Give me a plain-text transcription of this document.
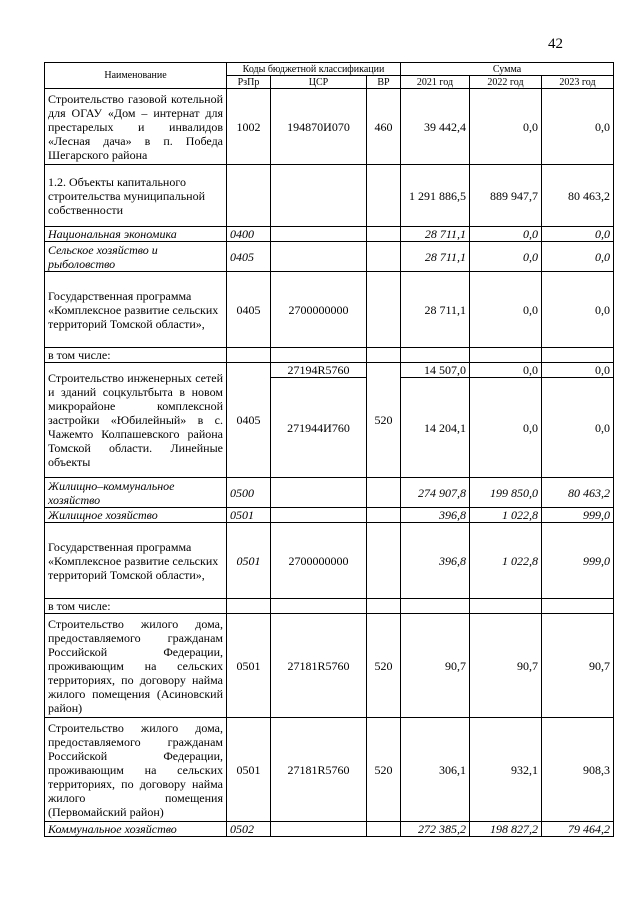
42
Наименование	Коды бюджетной классификации			Сумма		
	РзПр	ЦСР	ВР	2021 год	2022 год	2023 год
Строительство газовой котельной для ОГАУ «Дом – интернат для престарелых и инвалидов «Лесная дача» в п. Победа Шегарского района	1002	194870И070	460	39 442,4	0,0	0,0
1.2. Объекты капитального строительства муниципальной собственности				1 291 886,5	889 947,7	80 463,2
Национальная экономика	0400			28 711,1	0,0	0,0
Сельское хозяйство и рыболовство	0405			28 711,1	0,0	0,0
Государственная программа «Комплексное развитие сельских территорий Томской области»,	0405	2700000000		28 711,1	0,0	0,0
в том числе:						
Строительство инженерных сетей и зданий соцкультбыта в новом микрорайоне комплексной застройки «Юбилейный» в с. Чажемто Колпашевского района Томской области. Линейные объекты	0405	27194R5760	520	14 507,0	0,0	0,0
		271944И760		14 204,1	0,0	0,0
Жилищно–коммунальное хозяйство	0500			274 907,8	199 850,0	80 463,2
Жилищное хозяйство	0501			396,8	1 022,8	999,0
Государственная программа «Комплексное развитие сельских территорий Томской области»,	0501	2700000000		396,8	1 022,8	999,0
в том числе:						
Строительство жилого дома, предоставляемого гражданам Российской Федерации, проживающим на сельских территориях, по договору найма жилого помещения (Асиновский район)	0501	27181R5760	520	90,7	90,7	90,7
Строительство жилого дома, предоставляемого гражданам Российской Федерации, проживающим на сельских территориях, по договору найма жилого помещения (Первомайский район)	0501	27181R5760	520	306,1	932,1	908,3
Коммунальное хозяйство	0502			272 385,2	198 827,2	79 464,2
